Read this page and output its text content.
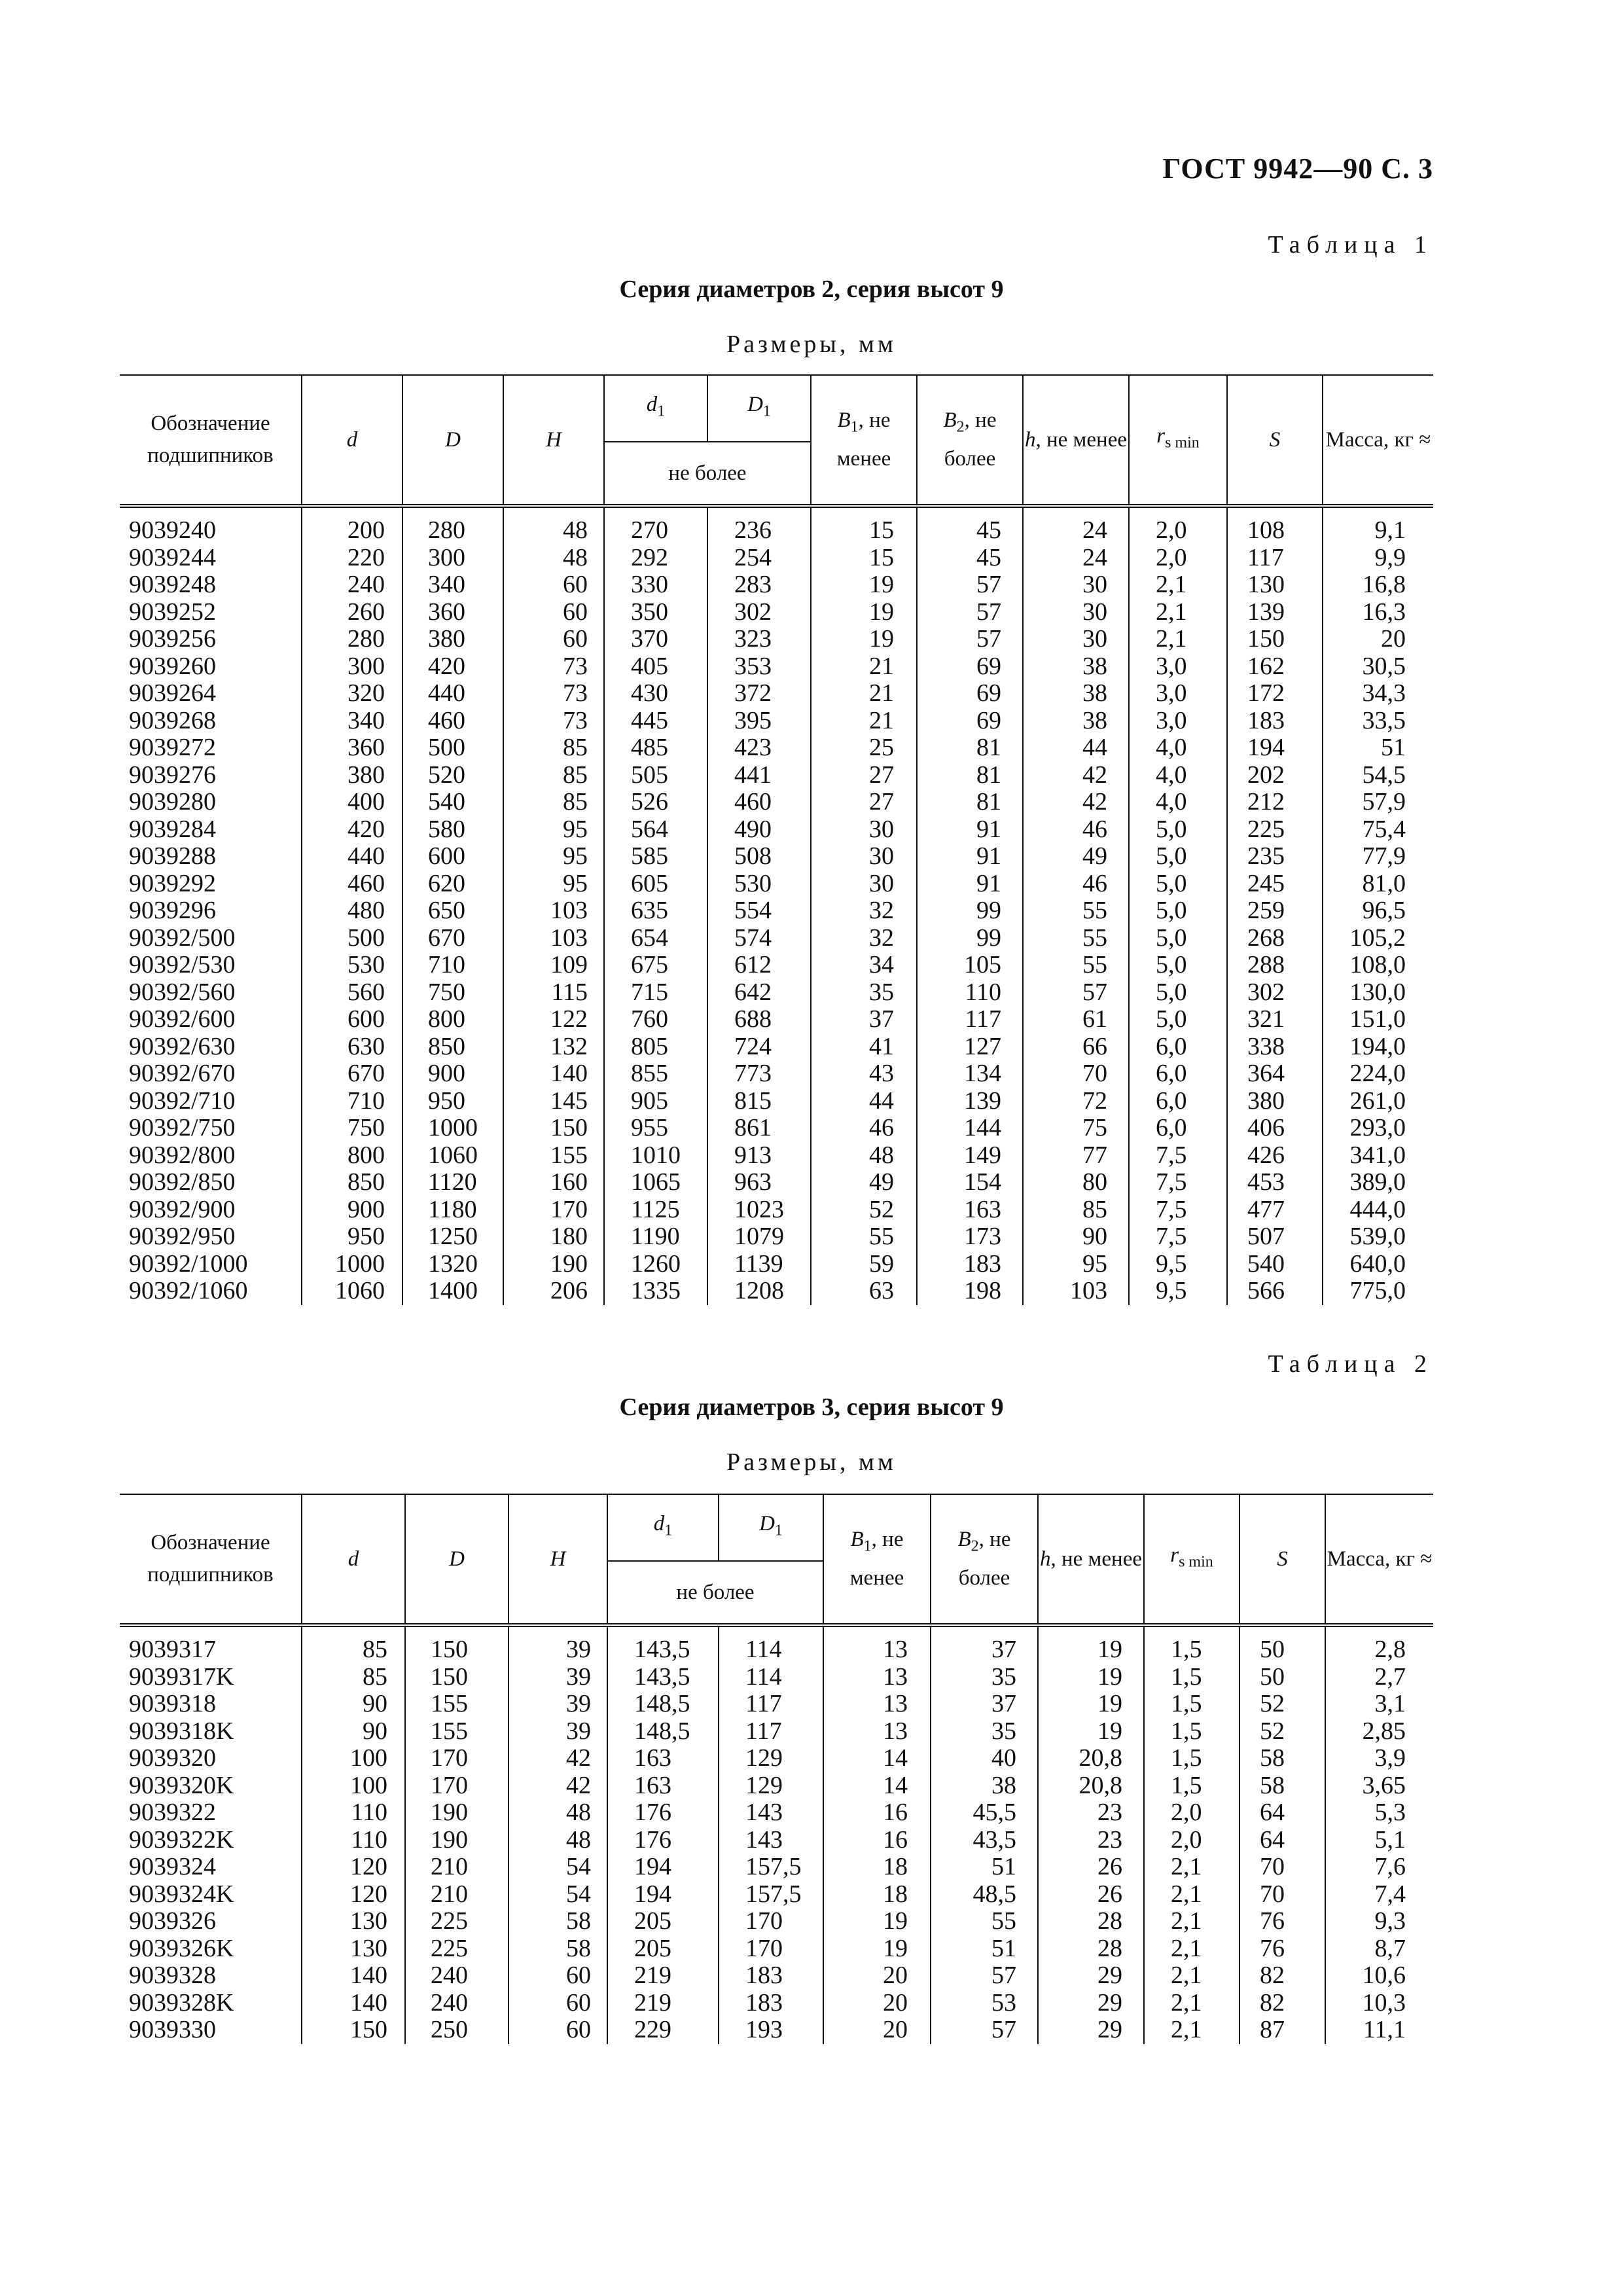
ГОСТ 9942—90 С. 3
Таблица 1
Серия диаметров 2, серия высот 9
Размеры, мм
Обозначение подшипников	d	D	H	$d_1$	$D_1$	$B_1$, не менее	$B_2$, не более	h, не менее	$r_{s min}$	S	Масса, кг ≈
				не более							
9039240	200	280	48	270	236	15	45	24	2,0	108	9,1
9039244	220	300	48	292	254	15	45	24	2,0	117	9,9
9039248	240	340	60	330	283	19	57	30	2,1	130	16,8
9039252	260	360	60	350	302	19	57	30	2,1	139	16,3
9039256	280	380	60	370	323	19	57	30	2,1	150	20
9039260	300	420	73	405	353	21	69	38	3,0	162	30,5
9039264	320	440	73	430	372	21	69	38	3,0	172	34,3
9039268	340	460	73	445	395	21	69	38	3,0	183	33,5
9039272	360	500	85	485	423	25	81	44	4,0	194	51
9039276	380	520	85	505	441	27	81	42	4,0	202	54,5
9039280	400	540	85	526	460	27	81	42	4,0	212	57,9
9039284	420	580	95	564	490	30	91	46	5,0	225	75,4
9039288	440	600	95	585	508	30	91	49	5,0	235	77,9
9039292	460	620	95	605	530	30	91	46	5,0	245	81,0
9039296	480	650	103	635	554	32	99	55	5,0	259	96,5
90392/500	500	670	103	654	574	32	99	55	5,0	268	105,2
90392/530	530	710	109	675	612	34	105	55	5,0	288	108,0
90392/560	560	750	115	715	642	35	110	57	5,0	302	130,0
90392/600	600	800	122	760	688	37	117	61	5,0	321	151,0
90392/630	630	850	132	805	724	41	127	66	6,0	338	194,0
90392/670	670	900	140	855	773	43	134	70	6,0	364	224,0
90392/710	710	950	145	905	815	44	139	72	6,0	380	261,0
90392/750	750	1000	150	955	861	46	144	75	6,0	406	293,0
90392/800	800	1060	155	1010	913	48	149	77	7,5	426	341,0
90392/850	850	1120	160	1065	963	49	154	80	7,5	453	389,0
90392/900	900	1180	170	1125	1023	52	163	85	7,5	477	444,0
90392/950	950	1250	180	1190	1079	55	173	90	7,5	507	539,0
90392/1000	1000	1320	190	1260	1139	59	183	95	9,5	540	640,0
90392/1060	1060	1400	206	1335	1208	63	198	103	9,5	566	775,0
Таблица 2
Серия диаметров 3, серия высот 9
Размеры, мм
Обозначение подшипников	d	D	H	$d_1$	$D_1$	$B_1$, не менее	$B_2$, не более	h, не менее	$r_{s min}$	S	Масса, кг ≈
				не более							
9039317	85	150	39	143,5	114	13	37	19	1,5	50	2,8
9039317K	85	150	39	143,5	114	13	35	19	1,5	50	2,7
9039318	90	155	39	148,5	117	13	37	19	1,5	52	3,1
9039318K	90	155	39	148,5	117	13	35	19	1,5	52	2,85
9039320	100	170	42	163	129	14	40	20,8	1,5	58	3,9
9039320K	100	170	42	163	129	14	38	20,8	1,5	58	3,65
9039322	110	190	48	176	143	16	45,5	23	2,0	64	5,3
9039322K	110	190	48	176	143	16	43,5	23	2,0	64	5,1
9039324	120	210	54	194	157,5	18	51	26	2,1	70	7,6
9039324K	120	210	54	194	157,5	18	48,5	26	2,1	70	7,4
9039326	130	225	58	205	170	19	55	28	2,1	76	9,3
9039326K	130	225	58	205	170	19	51	28	2,1	76	8,7
9039328	140	240	60	219	183	20	57	29	2,1	82	10,6
9039328K	140	240	60	219	183	20	53	29	2,1	82	10,3
9039330	150	250	60	229	193	20	57	29	2,1	87	11,1
